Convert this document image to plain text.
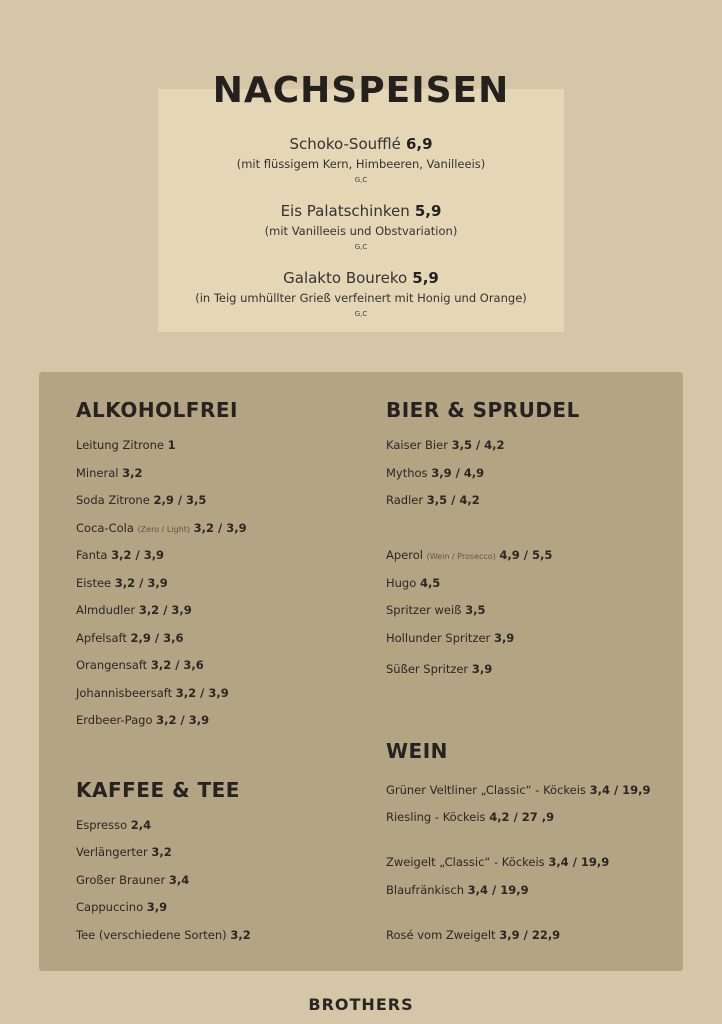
NACHSPEISEN
Schoko-Soufflé 6,9
(mit flüssigem Kern, Himbeeren, Vanilleeis)
G,C
Eis Palatschinken 5,9
(mit Vanilleeis und Obstvariation)
G,C
Galakto Boureko 5,9
(in Teig umhüllter Grieß verfeinert mit Honig und Orange)
G,C
ALKOHOLFREI
Leitung Zitrone 1
Mineral 3,2
Soda Zitrone 2,9 / 3,5
Coca-Cola (Zero / Light) 3,2 / 3,9
Fanta 3,2 / 3,9
Eistee 3,2 / 3,9
Almdudler 3,2 / 3,9
Apfelsaft 2,9 / 3,6
Orangensaft 3,2 / 3,6
Johannisbeersaft 3,2 / 3,9
Erdbeer-Pago 3,2 / 3,9
KAFFEE & TEE
Espresso 2,4
Verlängerter 3,2
Großer Brauner 3,4
Cappuccino 3,9
Tee (verschiedene Sorten) 3,2
BIER & SPRUDEL
Kaiser Bier 3,5 / 4,2
Mythos 3,9 / 4,9
Radler 3,5 / 4,2
Aperol (Wein / Prosecco) 4,9 / 5,5
Hugo 4,5
Spritzer weiß 3,5
Hollunder Spritzer 3,9
Süßer Spritzer 3,9
WEIN
Grüner Veltliner „Classic“ - Köckeis 3,4 / 19,9
Riesling - Köckeis 4,2 / 27 ,9
Zweigelt „Classic“ - Köckeis 3,4 / 19,9
Blaufränkisch 3,4 / 19,9
Rosé vom Zweigelt 3,9 / 22,9
BROTHERS
